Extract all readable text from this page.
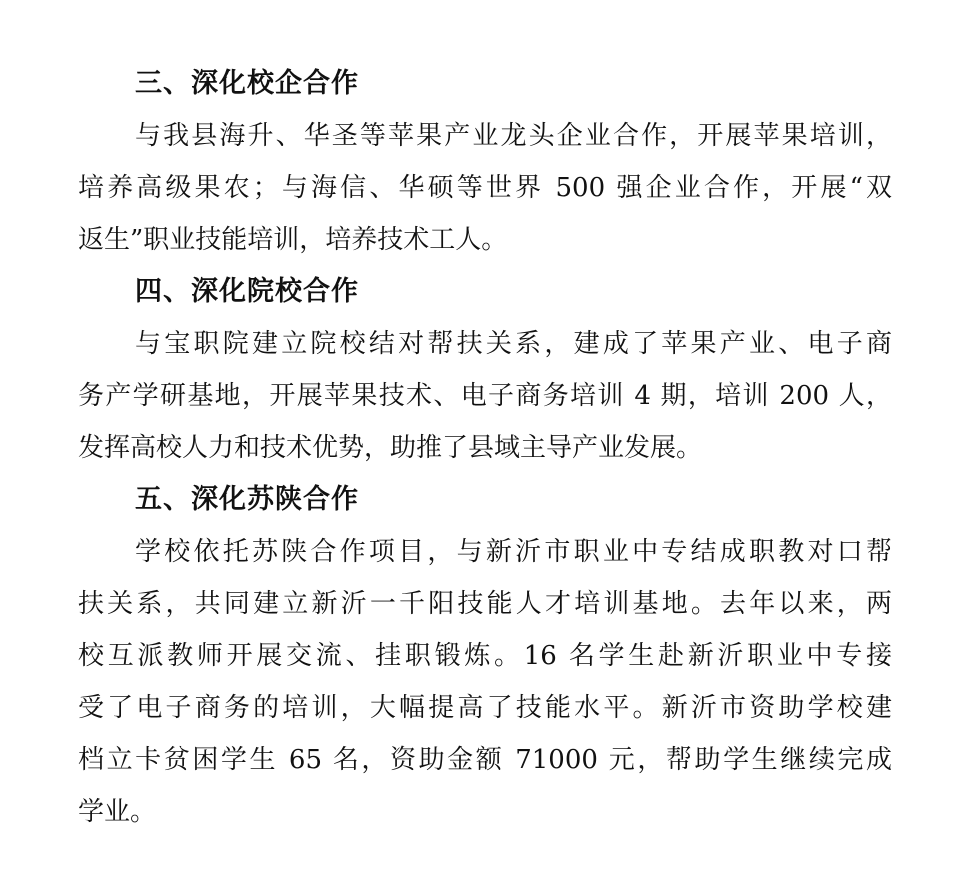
三、深化校企合作
与我县海升、华圣等苹果产业龙头企业合作，开展苹果培训，
培养高级果农；与海信、华硕等世界 500 强企业合作，开展“双
返生”职业技能培训，培养技术工人。
四、深化院校合作
与宝职院建立院校结对帮扶关系，建成了苹果产业、电子商
务产学研基地，开展苹果技术、电子商务培训 4 期，培训 200 人，
发挥高校人力和技术优势，助推了县域主导产业发展。
五、深化苏陕合作
学校依托苏陕合作项目，与新沂市职业中专结成职教对口帮
扶关系，共同建立新沂一千阳技能人才培训基地。去年以来，两
校互派教师开展交流、挂职锻炼。16 名学生赴新沂职业中专接
受了电子商务的培训，大幅提高了技能水平。新沂市资助学校建
档立卡贫困学生 65 名，资助金额 71000 元，帮助学生继续完成
学业。
